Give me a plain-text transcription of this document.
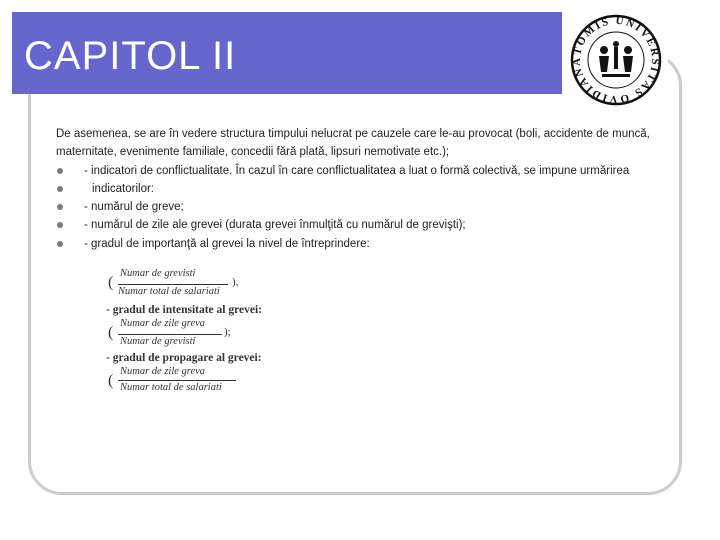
CAPITOL II	TOMIS UNIVERSITAS OVIDIANA

De asemenea, se are în vedere structura timpului nelucrat pe cauzele care le-au provocat (boli, accidente de muncă, maternitate, evenimente familiale, concedii fără plată, lipsuri nemotivate etc.);

- indicatori de conflictualitate. În cazul în care conflictualitatea a luat o formă colectivă, se impune urmărirea
indicatorilor:
- numărul de greve;
- numărul de zile ale grevei (durata grevei înmulţită cu numărul de grevişti);
- gradul de importanţă al grevei la nivel de întreprindere:
(
Numar de grevisti
Numar total de salariati
),
- gradul de intensitate al grevei:
(
Numar de zile greva
Numar de grevisti
);
- gradul de propagare al grevei:
(
Numar de zile greva
Numar total de salariati
